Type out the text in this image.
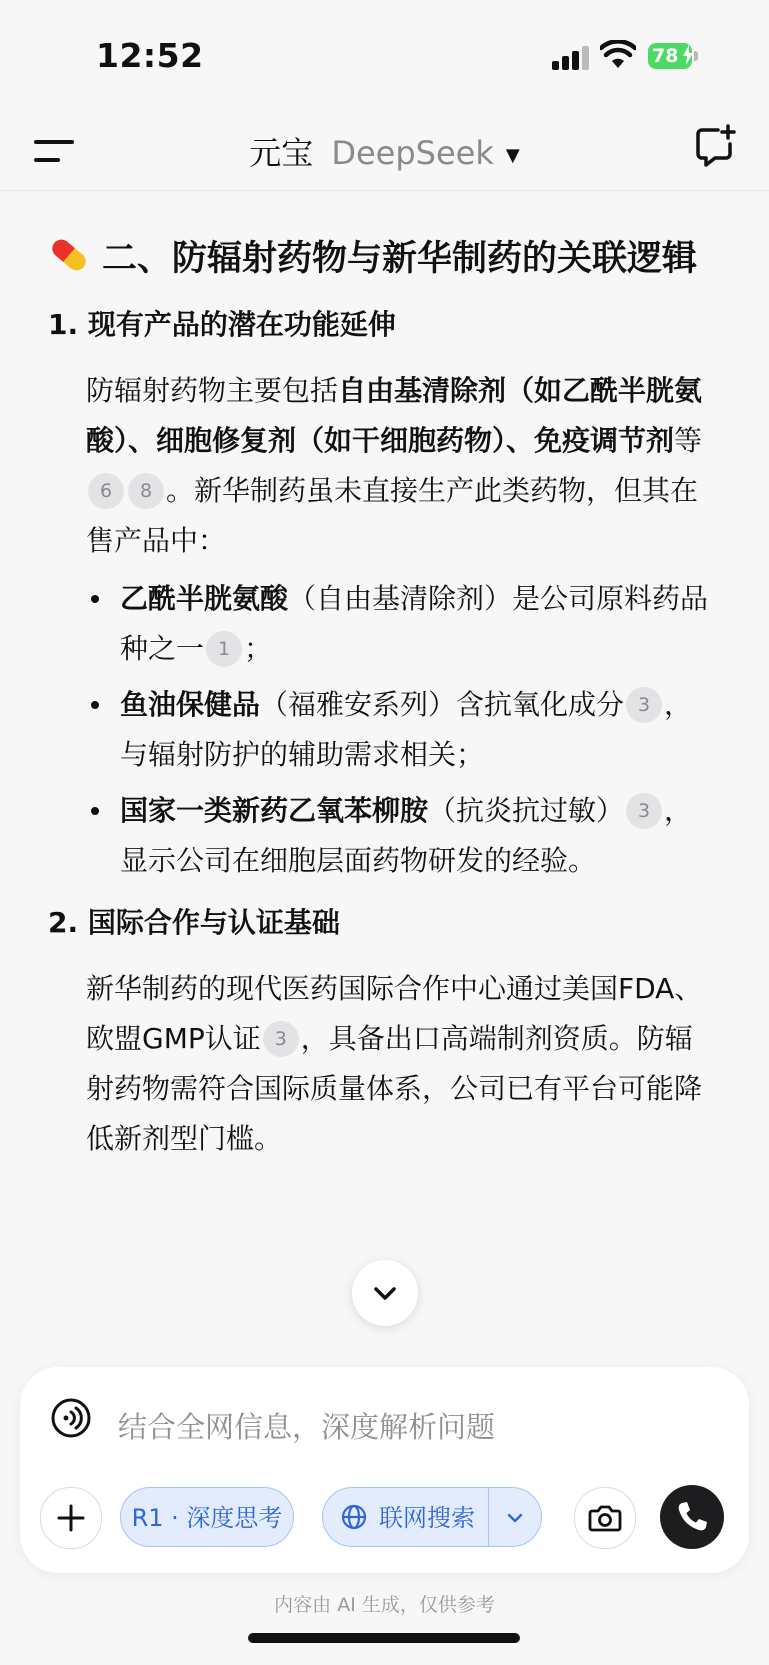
12:52	78
元宝 DeepSeek ▼
二、防辐射药物与新华制药的关联逻辑
1. 现有产品的潜在功能延伸
防辐射药物主要包括自由基清除剂（如乙酰半胱氨酸）、细胞修复剂（如干细胞药物）、免疫调节剂等6 8 。新华制药虽未直接生产此类药物，但其在售产品中：
乙酰半胱氨酸（自由基清除剂）是公司原料药品种之一 1 ；
鱼油保健品（福雅安系列）含抗氧化成分 3 ，与辐射防护的辅助需求相关；
国家一类新药乙氧苯柳胺（抗炎抗过敏） 3 ，显示公司在细胞层面药物研发的经验。
2. 国际合作与认证基础
新华制药的现代医药国际合作中心通过美国FDA、欧盟GMP认证 3 ，具备出口高端制剂资质。防辐射药物需符合国际质量体系，公司已有平台可能降低新剂型门槛。
结合全网信息，深度解析问题
R1 · 深度思考	联网搜索
内容由 AI 生成，仅供参考
